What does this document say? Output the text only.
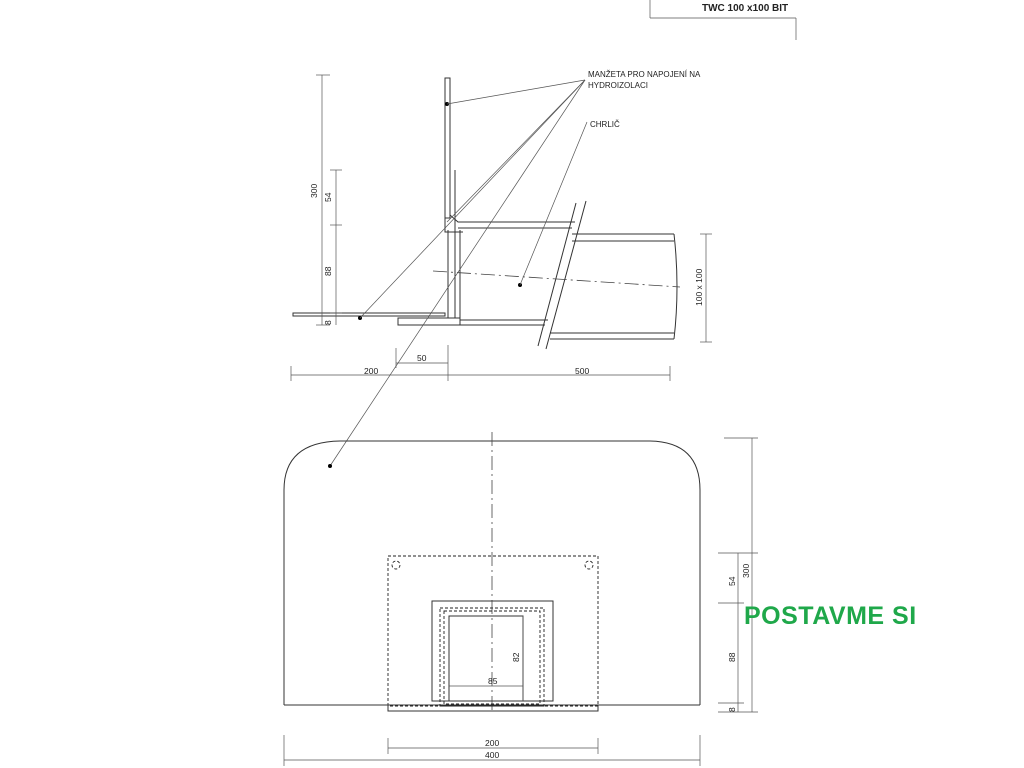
TWC 100 x100 BIT
MANŽETA PRO NAPOJENÍ NA
HYDROIZOLACI
CHRLIČ
300 54
88
8
100 x 100
200
50
500
85
82
300
54
88
8
200
400
POSTAVME SI
